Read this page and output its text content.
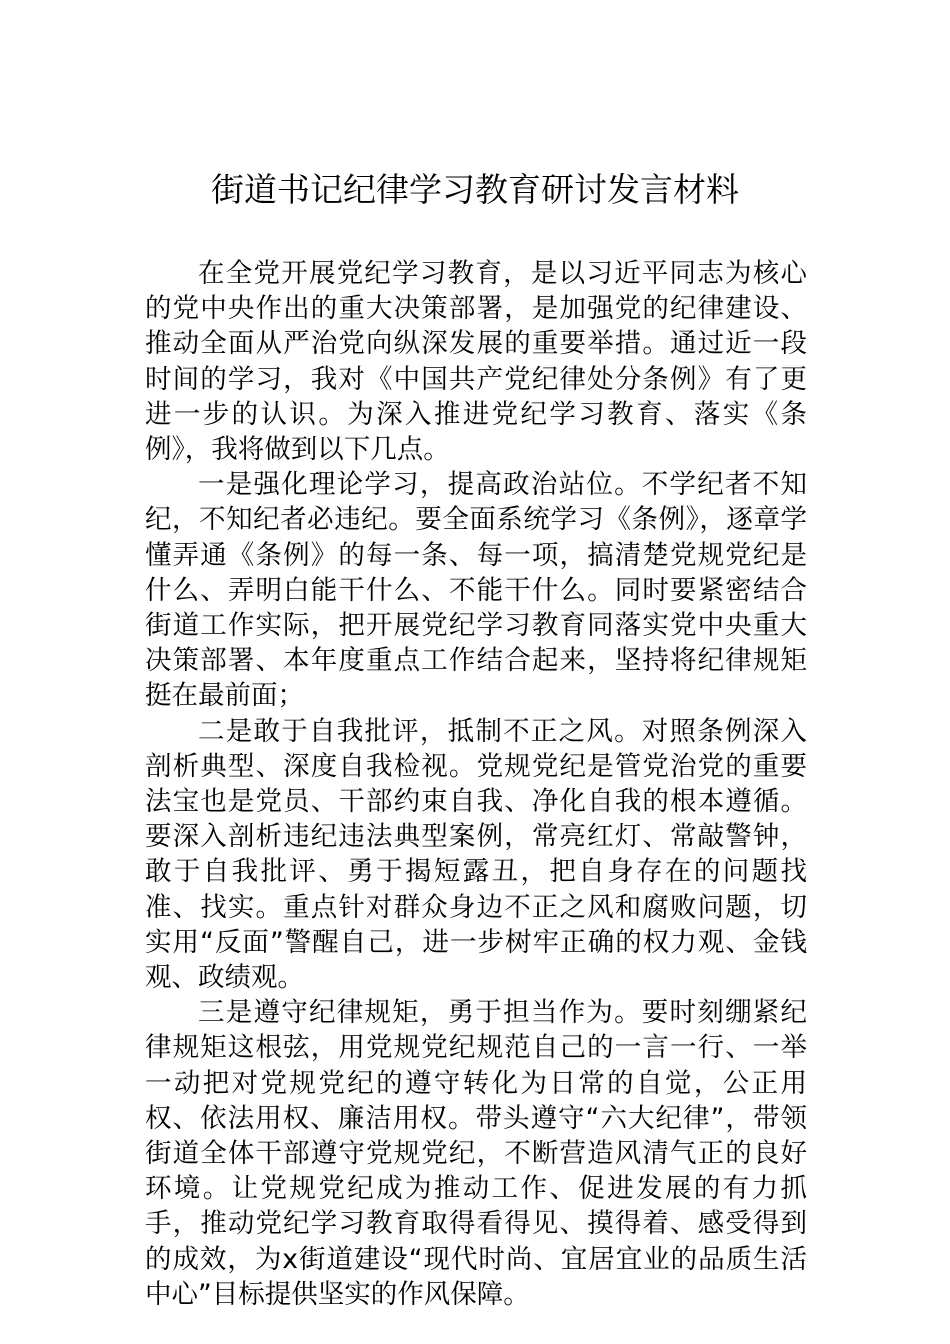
街道书记纪律学习教育研讨发言材料

在全党开展党纪学习教育，是以习近平同志为核心的党中央作出的重大决策部署，是加强党的纪律建设、推动全面从严治党向纵深发展的重要举措。通过近一段时间的学习，我对《中国共产党纪律处分条例》有了更进一步的认识。为深入推进党纪学习教育、落实《条例》，我将做到以下几点。

一是强化理论学习，提高政治站位。不学纪者不知纪，不知纪者必违纪。要全面系统学习《条例》，逐章学懂弄通《条例》的每一条、每一项，搞清楚党规党纪是什么、弄明白能干什么、不能干什么。同时要紧密结合街道工作实际，把开展党纪学习教育同落实党中央重大决策部署、本年度重点工作结合起来，坚持将纪律规矩挺在最前面；

二是敢于自我批评，抵制不正之风。对照条例深入剖析典型、深度自我检视。党规党纪是管党治党的重要法宝也是党员、干部约束自我、净化自我的根本遵循。要深入剖析违纪违法典型案例，常亮红灯、常敲警钟，敢于自我批评、勇于揭短露丑，把自身存在的问题找准、找实。重点针对群众身边不正之风和腐败问题，切实用“反面”警醒自己，进一步树牢正确的权力观、金钱观、政绩观。

三是遵守纪律规矩，勇于担当作为。要时刻绷紧纪律规矩这根弦，用党规党纪规范自己的一言一行、一举一动把对党规党纪的遵守转化为日常的自觉，公正用权、依法用权、廉洁用权。带头遵守“六大纪律”，带领街道全体干部遵守党规党纪，不断营造风清气正的良好环境。让党规党纪成为推动工作、促进发展的有力抓手，推动党纪学习教育取得看得见、摸得着、感受得到的成效，为x街道建设“现代时尚、宜居宜业的品质生活中心”目标提供坚实的作风保障。
